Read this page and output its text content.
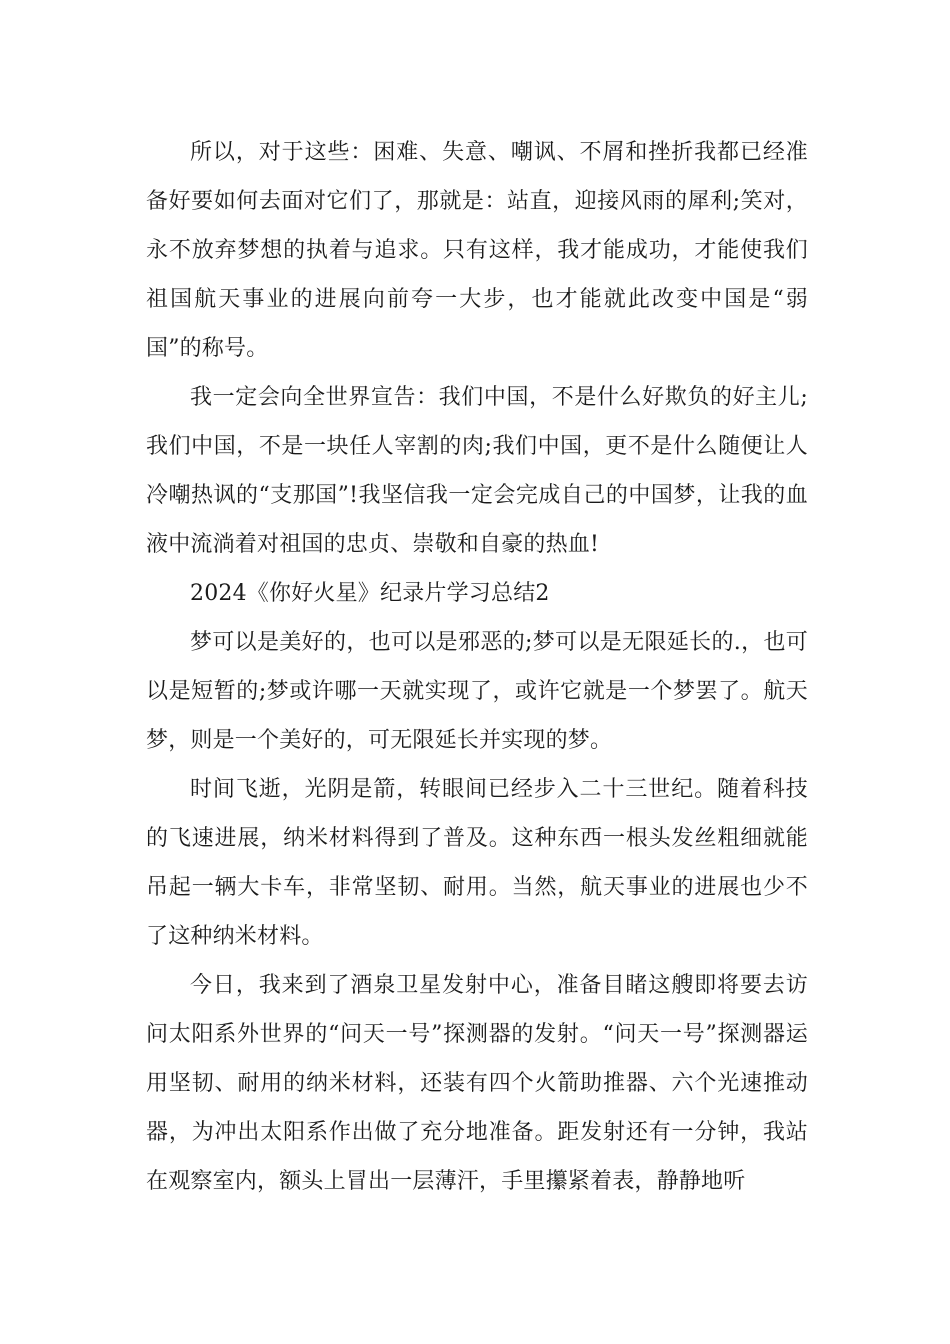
所以，对于这些：困难、失意、嘲讽、不屑和挫折我都已经准备好要如何去面对它们了，那就是：站直，迎接风雨的犀利;笑对，永不放弃梦想的执着与追求。只有这样，我才能成功，才能使我们祖国航天事业的进展向前夸一大步，也才能就此改变中国是“弱国”的称号。

我一定会向全世界宣告：我们中国，不是什么好欺负的好主儿;我们中国，不是一块任人宰割的肉;我们中国，更不是什么随便让人冷嘲热讽的“支那国”!我坚信我一定会完成自己的中国梦，让我的血液中流淌着对祖国的忠贞、崇敬和自豪的热血!

2024《你好火星》纪录片学习总结2

梦可以是美好的，也可以是邪恶的;梦可以是无限延长的.，也可以是短暂的;梦或许哪一天就实现了，或许它就是一个梦罢了。航天梦，则是一个美好的，可无限延长并实现的梦。

时间飞逝，光阴是箭，转眼间已经步入二十三世纪。随着科技的飞速进展，纳米材料得到了普及。这种东西一根头发丝粗细就能吊起一辆大卡车，非常坚韧、耐用。当然，航天事业的进展也少不了这种纳米材料。

今日，我来到了酒泉卫星发射中心，准备目睹这艘即将要去访问太阳系外世界的“问天一号”探测器的发射。“问天一号”探测器运用坚韧、耐用的纳米材料，还装有四个火箭助推器、六个光速推动器，为冲出太阳系作出做了充分地准备。距发射还有一分钟，我站在观察室内，额头上冒出一层薄汗，手里攥紧着表，静静地听
